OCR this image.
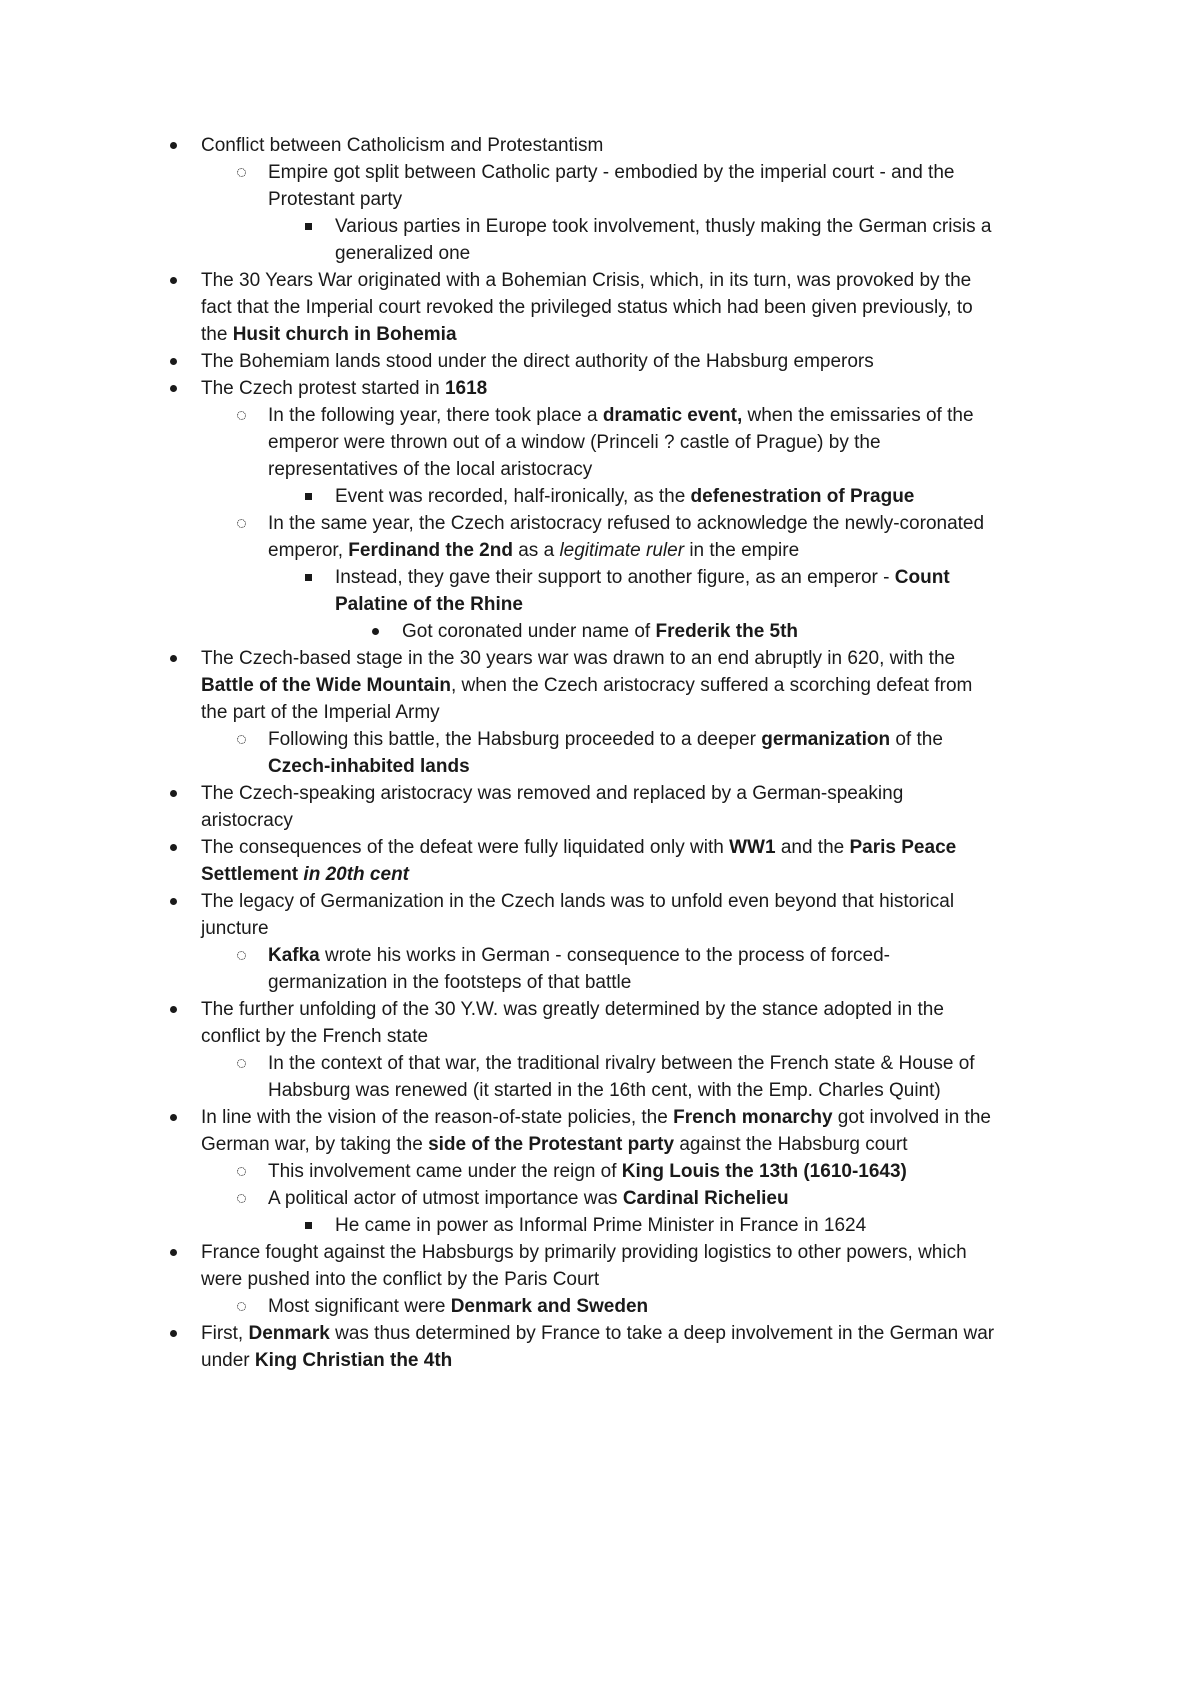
Conflict between Catholicism and Protestantism
Empire got split between Catholic party - embodied by the imperial court - and the Protestant party
Various parties in Europe took involvement, thusly making the German crisis a generalized one
The 30 Years War originated with a Bohemian Crisis, which, in its turn, was provoked by the fact that the Imperial court revoked the privileged status which had been given previously, to the Husit church in Bohemia
The Bohemiam lands stood under the direct authority of the Habsburg emperors
The Czech protest started in 1618
In the following year, there took place a dramatic event, when the emissaries of the emperor were thrown out of a window (Princeli ? castle of Prague) by the representatives of the local aristocracy
Event was recorded, half-ironically, as the defenestration of Prague
In the same year, the Czech aristocracy refused to acknowledge the newly-coronated emperor, Ferdinand the 2nd as a legitimate ruler in the empire
Instead, they gave their support to another figure, as an emperor - Count Palatine of the Rhine
Got coronated under name of Frederik the 5th
The Czech-based stage in the 30 years war was drawn to an end abruptly in 620, with the Battle of the Wide Mountain, when the Czech aristocracy suffered a scorching defeat from the part of the Imperial Army
Following this battle, the Habsburg proceeded to a deeper germanization of the Czech-inhabited lands
The Czech-speaking aristocracy was removed and replaced by a German-speaking aristocracy
The consequences of the defeat were fully liquidated only with WW1 and the Paris Peace Settlement in 20th cent
The legacy of Germanization in the Czech lands was to unfold even beyond that historical juncture
Kafka wrote his works in German - consequence to the process of forced-germanization in the footsteps of that battle
The further unfolding of the 30 Y.W. was greatly determined by the stance adopted in the conflict by the French state
In the context of that war, the traditional rivalry between the French state & House of Habsburg was renewed (it started in the 16th cent, with the Emp. Charles Quint)
In line with the vision of the reason-of-state policies, the French monarchy got involved in the German war, by taking the side of the Protestant party against the Habsburg court
This involvement came under the reign of King Louis the 13th (1610-1643)
A political actor of utmost importance was Cardinal Richelieu
He came in power as Informal Prime Minister in France in 1624
France fought against the Habsburgs by primarily providing logistics to other powers, which were pushed into the conflict by the Paris Court
Most significant were Denmark and Sweden
First, Denmark was thus determined by France to take a deep involvement in the German war under King Christian the 4th
